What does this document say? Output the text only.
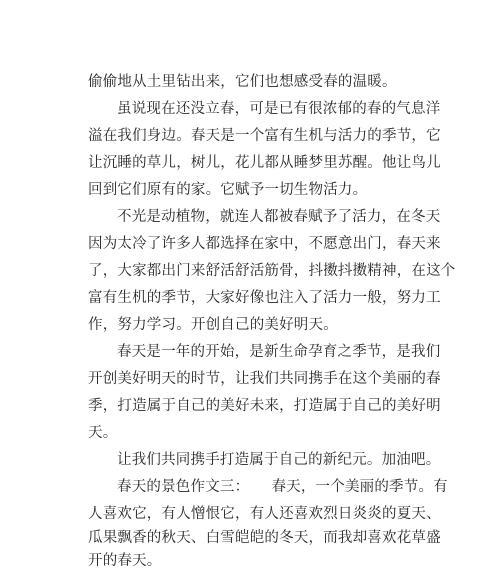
偷偷地从土里钻出来，它们也想感受春的温暖。
虽说现在还没立春，可是已有很浓郁的春的气息洋
溢在我们身边。春天是一个富有生机与活力的季节，它
让沉睡的草儿，树儿，花儿都从睡梦里苏醒。他让鸟儿
回到它们原有的家。它赋予一切生物活力。
不光是动植物，就连人都被春赋予了活力，在冬天
因为太冷了许多人都选择在家中，不愿意出门，春天来
了，大家都出门来舒活舒活筋骨，抖擞抖擞精神，在这个
富有生机的季节，大家好像也注入了活力一般，努力工
作，努力学习。开创自己的美好明天。
春天是一年的开始，是新生命孕育之季节，是我们
开创美好明天的时节，让我们共同携手在这个美丽的春
季，打造属于自己的美好未来，打造属于自己的美好明
天。
让我们共同携手打造属于自己的新纪元。加油吧。
春天的景色作文三：　　春天，一个美丽的季节。有
人喜欢它，有人憎恨它，有人还喜欢烈日炎炎的夏天、
瓜果飘香的秋天、白雪皑皑的冬天，而我却喜欢花草盛
开的春天。
